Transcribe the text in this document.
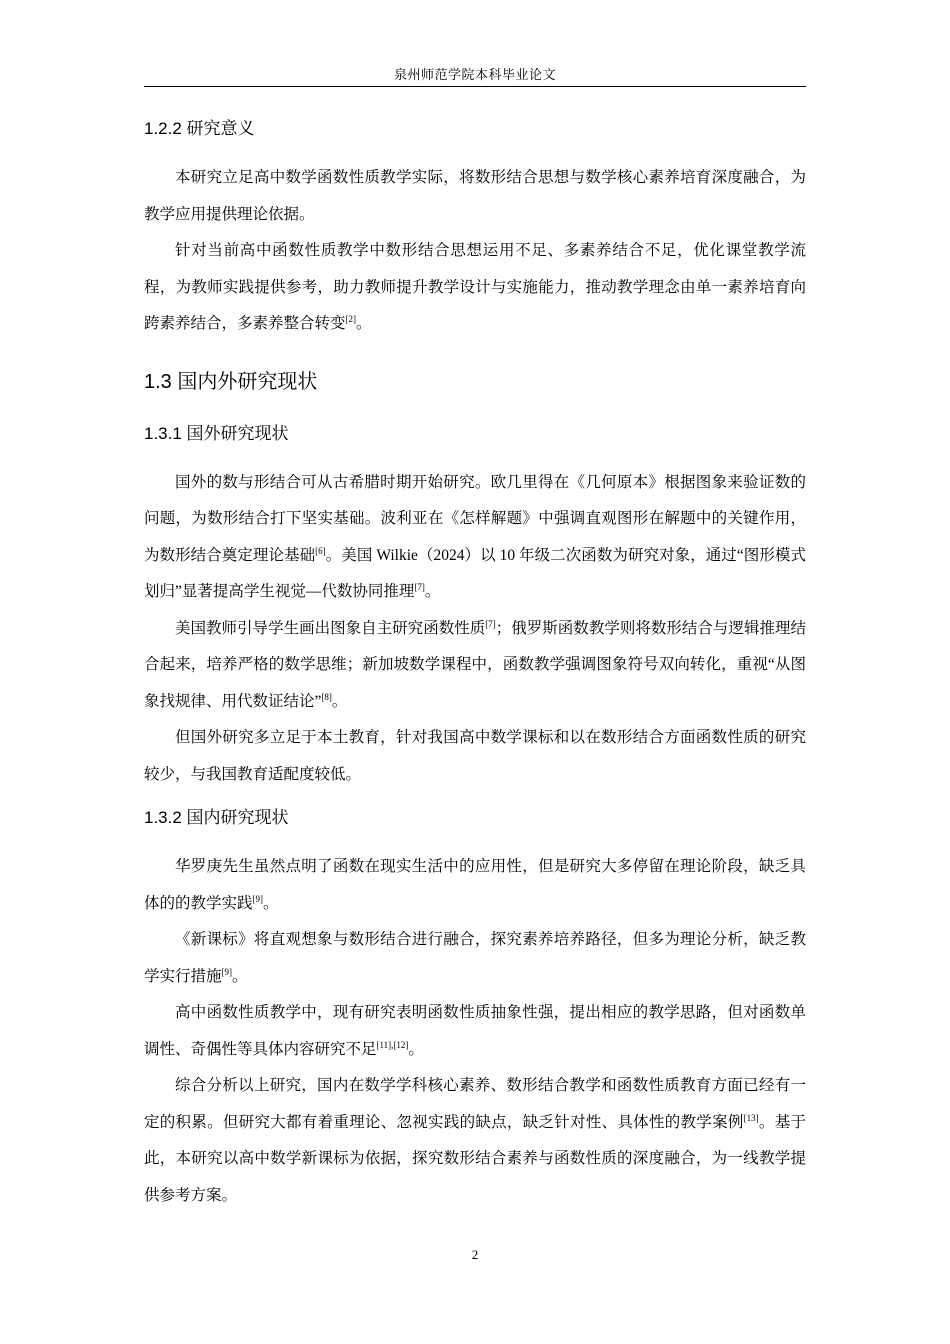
泉州师范学院本科毕业论文
1.2.2 研究意义

本研究立足高中数学函数性质教学实际，将数形结合思想与数学核心素养培育深度融合，为教学应用提供理论依据。

针对当前高中函数性质教学中数形结合思想运用不足、多素养结合不足，优化课堂教学流程，为教师实践提供参考，助力教师提升教学设计与实施能力，推动教学理念由单一素养培育向跨素养结合，多素养整合转变[2]。

1.3 国内外研究现状
1.3.1 国外研究现状

国外的数与形结合可从古希腊时期开始研究。欧几里得在《几何原本》根据图象来验证数的问题，为数形结合打下坚实基础。波利亚在《怎样解题》中强调直观图形在解题中的关键作用，为数形结合奠定理论基础[6]。美国 Wilkie（2024）以 10 年级二次函数为研究对象，通过“图形模式划归”显著提高学生视觉—代数协同推理[7]。

美国教师引导学生画出图象自主研究函数性质[7]；俄罗斯函数教学则将数形结合与逻辑推理结合起来，培养严格的数学思维；新加坡数学课程中，函数教学强调图象符号双向转化，重视“从图象找规律、用代数证结论”[8]。

但国外研究多立足于本土教育，针对我国高中数学课标和以在数形结合方面函数性质的研究较少，与我国教育适配度较低。

1.3.2 国内研究现状

华罗庚先生虽然点明了函数在现实生活中的应用性，但是研究大多停留在理论阶段，缺乏具体的的教学实践[9]。

《新课标》将直观想象与数形结合进行融合，探究素养培养路径，但多为理论分析，缺乏教学实行措施[9]。

高中函数性质教学中，现有研究表明函数性质抽象性强，提出相应的教学思路，但对函数单调性、奇偶性等具体内容研究不足[11],[12]。

综合分析以上研究，国内在数学学科核心素养、数形结合教学和函数性质教育方面已经有一定的积累。但研究大都有着重理论、忽视实践的缺点，缺乏针对性、具体性的教学案例[13]。基于此，本研究以高中数学新课标为依据，探究数形结合素养与函数性质的深度融合，为一线教学提供参考方案。

2
